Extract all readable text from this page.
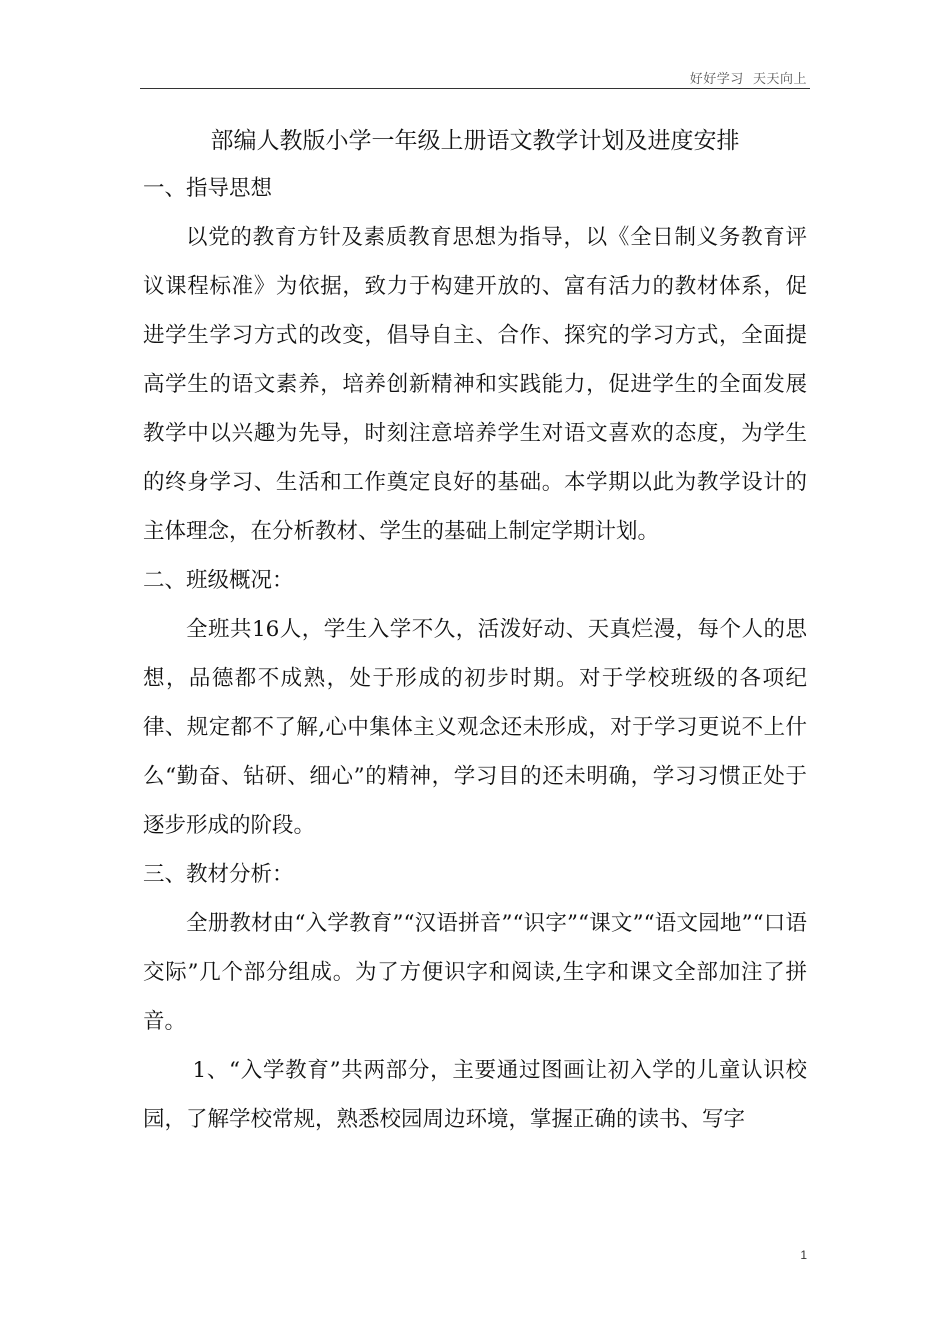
好好学习  天天向上
部编人教版小学一年级上册语文教学计划及进度安排

一、指导思想

以党的教育方针及素质教育思想为指导，以《全日制义务教育评议课程标准》为依据，致力于构建开放的、富有活力的教材体系，促进学生学习方式的改变，倡导自主、合作、探究的学习方式，全面提高学生的语文素养，培养创新精神和实践能力，促进学生的全面发展教学中以兴趣为先导，时刻注意培养学生对语文喜欢的态度，为学生的终身学习、生活和工作奠定良好的基础。本学期以此为教学设计的主体理念，在分析教材、学生的基础上制定学期计划。

二、班级概况：

全班共16人，学生入学不久，活泼好动、天真烂漫，每个人的思想，品德都不成熟，处于形成的初步时期。对于学校班级的各项纪律、规定都不了解,心中集体主义观念还未形成，对于学习更说不上什么“勤奋、钻研、细心”的精神，学习目的还未明确，学习习惯正处于逐步形成的阶段。

三、教材分析：

全册教材由“入学教育”“汉语拼音”“识字”“课文”“语文园地”“口语交际”几个部分组成。为了方便识字和阅读,生字和课文全部加注了拼音。

1、“入学教育”共两部分，主要通过图画让初入学的儿童认识校园，了解学校常规，熟悉校园周边环境，掌握正确的读书、写字

1
